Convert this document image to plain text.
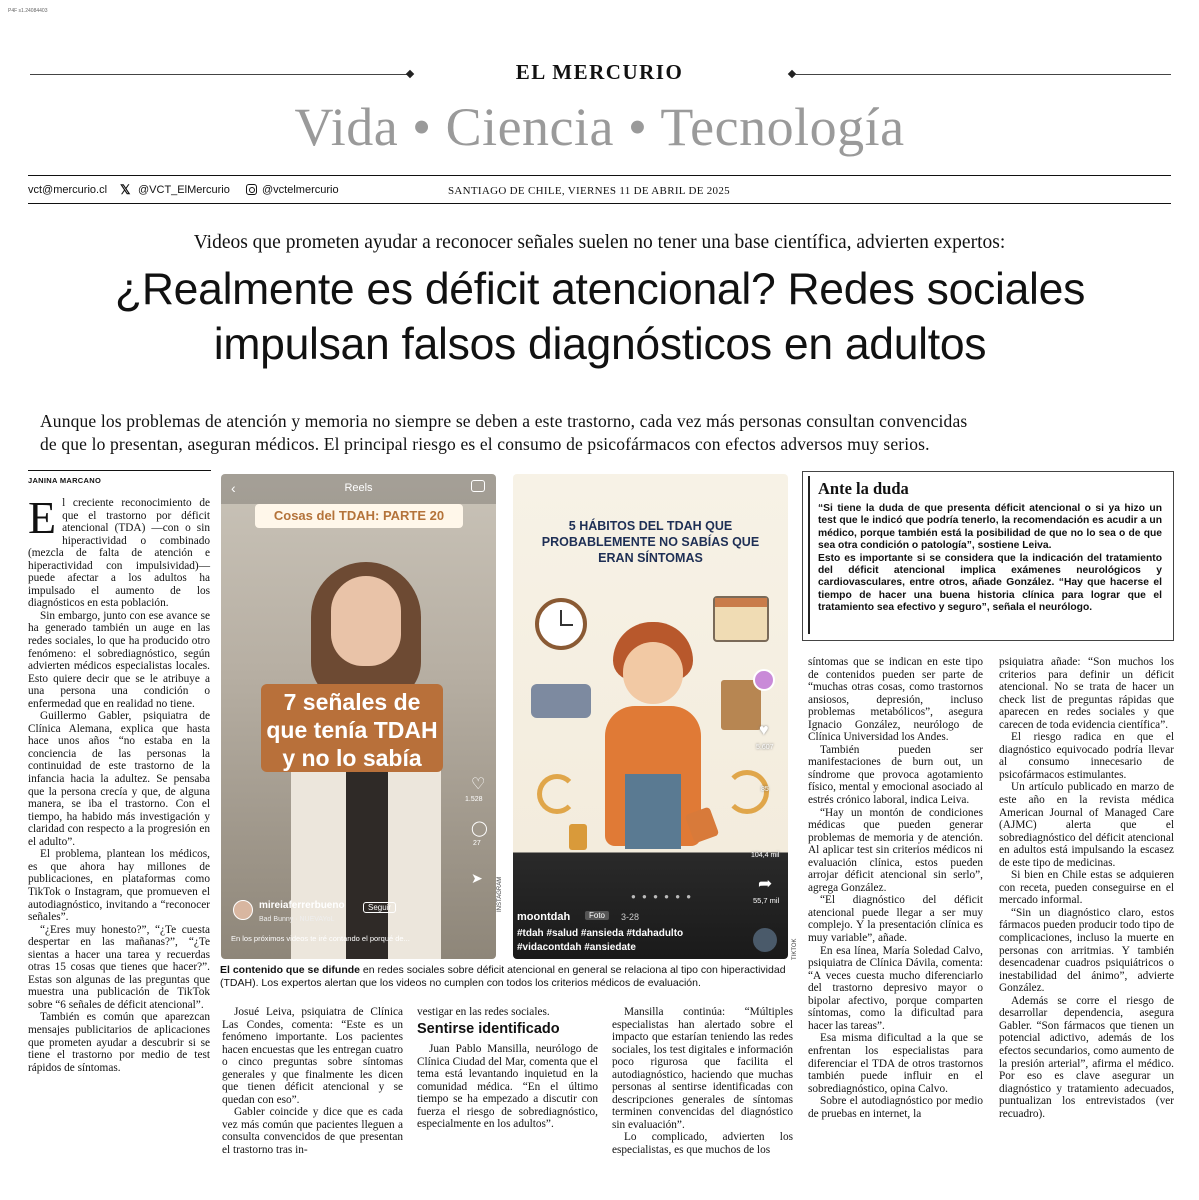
P4F s1.24084403
EL MERCURIO
Vida • Ciencia • Tecnología
vct@mercurio.cl 𝕏 @VCT_ElMercurio	@vctelmercurio	SANTIAGO DE CHILE, VIERNES 11 DE ABRIL DE 2025
Videos que prometen ayudar a reconocer señales suelen no tener una base científica, advierten expertos:
¿Realmente es déficit atencional? Redes sociales
impulsan falsos diagnósticos en adultos
Aunque los problemas de atención y memoria no siempre se deben a este trastorno, cada vez más personas consultan convencidas
de que lo presentan, aseguran médicos. El principal riesgo es el consumo de psicofármacos con efectos adversos muy serios.
JANINA MARCANO
E l creciente reconocimiento de que el trastorno por déficit atencional (TDA) —con o sin hiperactividad o combinado (mezcla de falta de atención e hiperactividad con impulsividad)— puede afectar a los adultos ha impulsado el aumento de los diagnósticos en esta población.

Sin embargo, junto con ese avance se ha generado también un auge en las redes sociales, lo que ha producido otro fenómeno: el sobrediagnóstico, según advierten médicos especialistas locales. Esto quiere decir que se le atribuye a una persona una condición o enfermedad que en realidad no tiene.

Guillermo Gabler, psiquiatra de Clínica Alemana, explica que hasta hace unos años “no estaba en la conciencia de las personas la continuidad de este trastorno de la infancia hacia la adultez. Se pensaba que la persona crecía y que, de alguna manera, se iba el trastorno. Con el tiempo, ha habido más investigación y claridad con respecto a la progresión en el adulto”.

El problema, plantean los médicos, es que ahora hay millones de publicaciones, en plataformas como TikTok o Instagram, que promueven el autodiagnóstico, invitando a “reconocer señales”.

“¿Eres muy honesto?”, “¿Te cuesta despertar en las mañanas?”, “¿Te sientas a hacer una tarea y recuerdas otras 15 cosas que tienes que hacer?”. Estas son algunas de las preguntas que muestra una publicación de TikTok sobre “6 señales de déficit atencional”.

También es común que aparezcan mensajes publicitarios de aplicaciones que prometen ayudar a descubrir si se tiene el trastorno por medio de test rápidos de síntomas.

‹	Reels
Cosas del TDAH: PARTE 20
7 señales de que tenía TDAH y no lo sabía
♡
1.528
◯
27
➤
mireiaferrerbueno	Seguir
Bad Bunny · NUEVAYoL
En los próximos videos te iré contando el porqué de...
INSTAGRAM
5 HÁBITOS DEL TDAH QUE PROBABLEMENTE NO SABÍAS QUE ERAN SÍNTOMAS
♥
5.607
85
104,4 mil
➦
55,7 mil
● ● ● ● ● ●
moontdah	Foto	3-28
#tdah #salud #ansieda #tdahadulto
#vidacontdah #ansiedate	TIKTOK
El contenido que se difunde en redes sociales sobre déficit atencional en general se relaciona al tipo con hiperactividad (TDAH). Los expertos alertan que los videos no cumplen con todos los criterios médicos de evaluación.
Ante la duda

“Si tiene la duda de que presenta déficit atencional o si ya hizo un test que le indicó que podría tenerlo, la recomendación es acudir a un médico, porque también está la posibilidad de que no lo sea o de que sea otra condición o patología”, sostiene Leiva.

Esto es importante si se considera que la indicación del tratamiento del déficit atencional implica exámenes neurológicos y cardiovasculares, entre otros, añade González. “Hay que hacerse el tiempo de hacer una buena historia clínica para lograr que el tratamiento sea efectivo y seguro”, señala el neurólogo.

Josué Leiva, psiquiatra de Clínica Las Condes, comenta: “Este es un fenómeno importante. Los pacientes hacen encuestas que les entregan cuatro o cinco preguntas sobre síntomas generales y que finalmente les dicen que tienen déficit atencional y se quedan con eso”.

Gabler coincide y dice que es cada vez más común que pacientes lleguen a consulta convencidos de que presentan el trastorno tras in-

vestigar en las redes sociales.

Sentirse identificado

Juan Pablo Mansilla, neurólogo de Clínica Ciudad del Mar, comenta que el tema está levantando inquietud en la comunidad médica. “En el último tiempo se ha empezado a discutir con fuerza el riesgo de sobrediagnóstico, especialmente en los adultos”.

Mansilla continúa: “Múltiples especialistas han alertado sobre el impacto que estarían teniendo las redes sociales, los test digitales e información poco rigurosa que facilita el autodiagnóstico, haciendo que muchas personas al sentirse identificadas con descripciones generales de síntomas terminen convencidas del diagnóstico sin evaluación”.

Lo complicado, advierten los especialistas, es que muchos de los

síntomas que se indican en este tipo de contenidos pueden ser parte de “muchas otras cosas, como trastornos ansiosos, depresión, incluso problemas metabólicos”, asegura Ignacio González, neurólogo de Clínica Universidad los Andes.

También pueden ser manifestaciones de burn out, un síndrome que provoca agotamiento físico, mental y emocional asociado al estrés crónico laboral, indica Leiva.

“Hay un montón de condiciones médicas que pueden generar problemas de memoria y de atención. Al aplicar test sin criterios médicos ni evaluación clínica, estos pueden arrojar déficit atencional sin serlo”, agrega González.

“El diagnóstico del déficit atencional puede llegar a ser muy complejo. Y la presentación clínica es muy variable”, añade.

En esa línea, María Soledad Calvo, psiquiatra de Clínica Dávila, comenta: “A veces cuesta mucho diferenciarlo del trastorno depresivo mayor o bipolar afectivo, porque comparten síntomas, como la dificultad para hacer las tareas”.

Esa misma dificultad a la que se enfrentan los especialistas para diferenciar el TDA de otros trastornos también puede influir en el sobrediagnóstico, opina Calvo.

Sobre el autodiagnóstico por medio de pruebas en internet, la

psiquiatra añade: “Son muchos los criterios para definir un déficit atencional. No se trata de hacer un check list de preguntas rápidas que aparecen en redes sociales y que carecen de toda evidencia científica”.

El riesgo radica en que el diagnóstico equivocado podría llevar al consumo innecesario de psicofármacos estimulantes.

Un artículo publicado en marzo de este año en la revista médica American Journal of Managed Care (AJMC) alerta que el sobrediagnóstico del déficit atencional en adultos está impulsando la escasez de este tipo de medicinas.

Si bien en Chile estas se adquieren con receta, pueden conseguirse en el mercado informal.

“Sin un diagnóstico claro, estos fármacos pueden producir todo tipo de complicaciones, incluso la muerte en personas con arritmias. Y también desencadenar cuadros psiquiátricos o inestabilidad del ánimo”, advierte González.

Además se corre el riesgo de desarrollar dependencia, asegura Gabler. “Son fármacos que tienen un potencial adictivo, además de los efectos secundarios, como aumento de la presión arterial”, afirma el médico. Por eso es clave asegurar un diagnóstico y tratamiento adecuados, puntualizan los entrevistados (ver recuadro).
